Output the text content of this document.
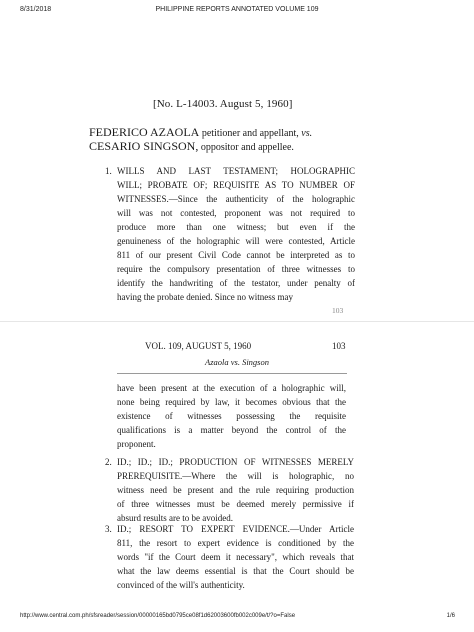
8/31/2018	PHILIPPINE REPORTS ANNOTATED VOLUME 109
[No. L-14003. August 5, 1960]
FEDERICO AZAOLA petitioner and appellant, vs.
CESARIO SINGSON, oppositor and appellee.
1. WILLS AND LAST TESTAMENT; HOLOGRAPHIC
WILL; PROBATE OF; REQUISITE AS TO NUMBER OF
WITNESSES.—Since the authenticity of the holographic
will was not contested, proponent was not required to
produce more than one witness; but even if the
genuineness of the holographic will were contested, Article
811 of our present Civil Code cannot be interpreted as to
require the compulsory presentation of three witnesses to
identify the handwriting of the testator, under penalty of
having the probate denied. Since no witness may
103
VOL. 109, AUGUST 5, 1960	103
Azaola vs. Singson
have been present at the execution of a holographic will,
none being required by law, it becomes obvious that the
existence of witnesses possessing the requisite
qualifications is a matter beyond the control of the
proponent.
2. ID.; ID.; ID.; PRODUCTION OF WITNESSES MERELY
PREREQUISITE.—Where the will is holographic, no
witness need be present and the rule requiring production
of three witnesses must be deemed merely permissive if
absurd results are to be avoided.
3. ID.; RESORT TO EXPERT EVIDENCE.—Under Article
811, the resort to expert evidence is conditioned by the
words "if the Court deem it necessary", which reveals that
what the law deems essential is that the Court should be
convinced of the will's authenticity.
http://www.central.com.ph/sfsreader/session/00000165bd0795ce08f1d62003600fb002c009e/t/?o=False	1/6
